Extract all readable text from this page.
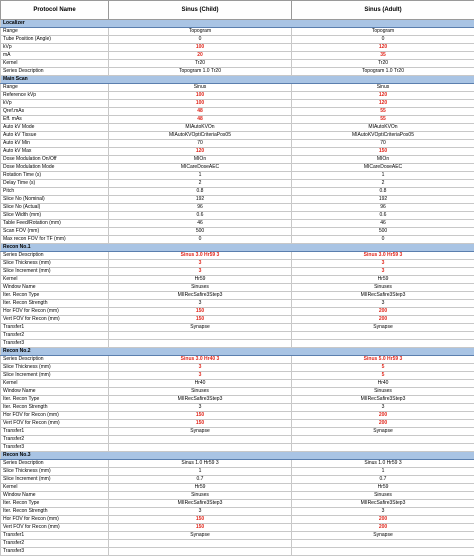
Protocol Name	Sinus (Child)	Sinus (Adult)
Localizer		
Range	Topogram	Topogram
Tube Position (Angle)	0	0
kVp	100	120
mA	20	35
Kernel	Tr20	Tr20
Series Description	Topogram 1.0 Tr20	Topogram 1.0 Tr20
Main Scan		
Range	Sinus	Sinus
Reference kVp	100	120
kVp	100	120
Qref.mAs	48	55
Eff. mAs	48	55
Auto kV Mode	MIAutoKVOn	MIAutoKVOn
Auto kV Tissue	MIAutoKVOptiCriteriaPos05	MIAutoKVOptiCriteriaPos05
Auto kV Min	70	70
Auto kV Max	120	150
Dose Modulation On/Off	MIOn	MIOn
Dose Modulation Mode	MICareDoseAEC	MICareDoseAEC
Rotation Time (s)	1	1
Delay Time (s)	2	2
Pitch	0.8	0.8
Slice No (Nominal)	192	192
Slice No (Actual)	96	96
Slice Width (mm)	0.6	0.6
Table Feed/Rotation (mm)	46	46
Scan FOV (mm)	500	500
Max recon FOV for TF (mm)	0	0
Recon No.1		
Series Description	Sinus 3.0 Hr59 3	Sinus 3.0 Hr59 3
Slice Thickness (mm)	3	3
Slice Increment (mm)	3	3
Kernel	Hr59	Hr59
Window Name	Sinuses	Sinuses
Iter. Recon Type	MIIRecSafire3Step3	MIIRecSafire3Step3
Iter. Recon Strength	3	3
Hor FOV for Recon (mm)	150	200
Vert FOV for Recon (mm)	150	200
Transfer1	Synapse	Synapse
Transfer2		
Transfer3		
Recon No.2		
Series Description	Sinus 3.0 Hr40 3	Sinus 5.0 Hr59 3
Slice Thickness (mm)	3	5
Slice Increment (mm)	3	5
Kernel	Hr40	Hr40
Window Name	Sinuses	Sinuses
Iter. Recon Type	MIIRecSafire3Step3	MIIRecSafire3Step3
Iter. Recon Strength	3	3
Hor FOV for Recon (mm)	150	200
Vert FOV for Recon (mm)	150	200
Transfer1	Synapse	Synapse
Transfer2		
Transfer3		
Recon No.3		
Series Description	Sinus 1.0 Hr59 3	Sinus 1.0 Hr59 3
Slice Thickness (mm)	1	1
Slice Increment (mm)	0.7	0.7
Kernel	Hr59	Hr59
Window Name	Sinuses	Sinuses
Iter. Recon Type	MIIRecSafire3Step3	MIIRecSafire3Step3
Iter. Recon Strength	3	3
Hor FOV for Recon (mm)	150	200
Vert FOV for Recon (mm)	150	200
Transfer1	Synapse	Synapse
Transfer2		
Transfer3		
